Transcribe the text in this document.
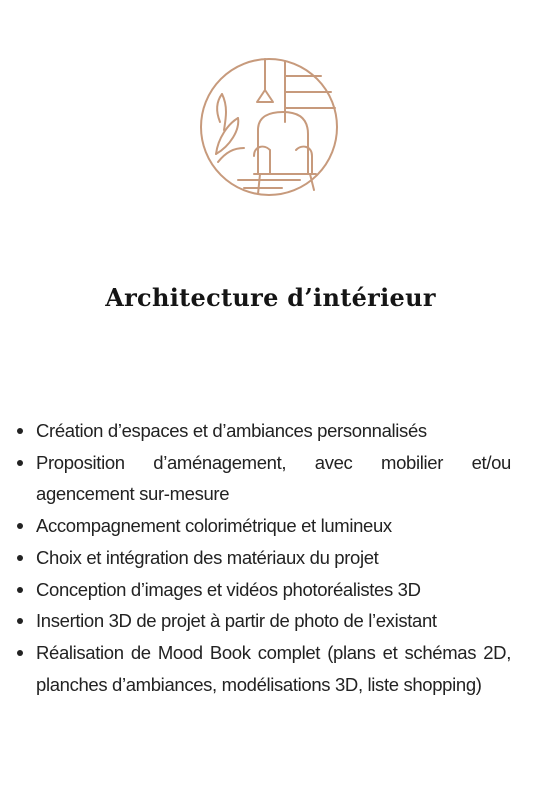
Architecture d’intérieur
Création d’espaces et d’ambiances personnalisés
Proposition d’aménagement, avec mobilier et/ou agencement sur-mesure
Accompagnement colorimétrique et lumineux
Choix et intégration des matériaux du projet
Conception d’images et vidéos photoréalistes 3D
Insertion 3D de projet à partir de photo de l’existant
Réalisation de Mood Book complet (plans et schémas 2D, planches d’ambiances, modélisations 3D, liste shopping)
